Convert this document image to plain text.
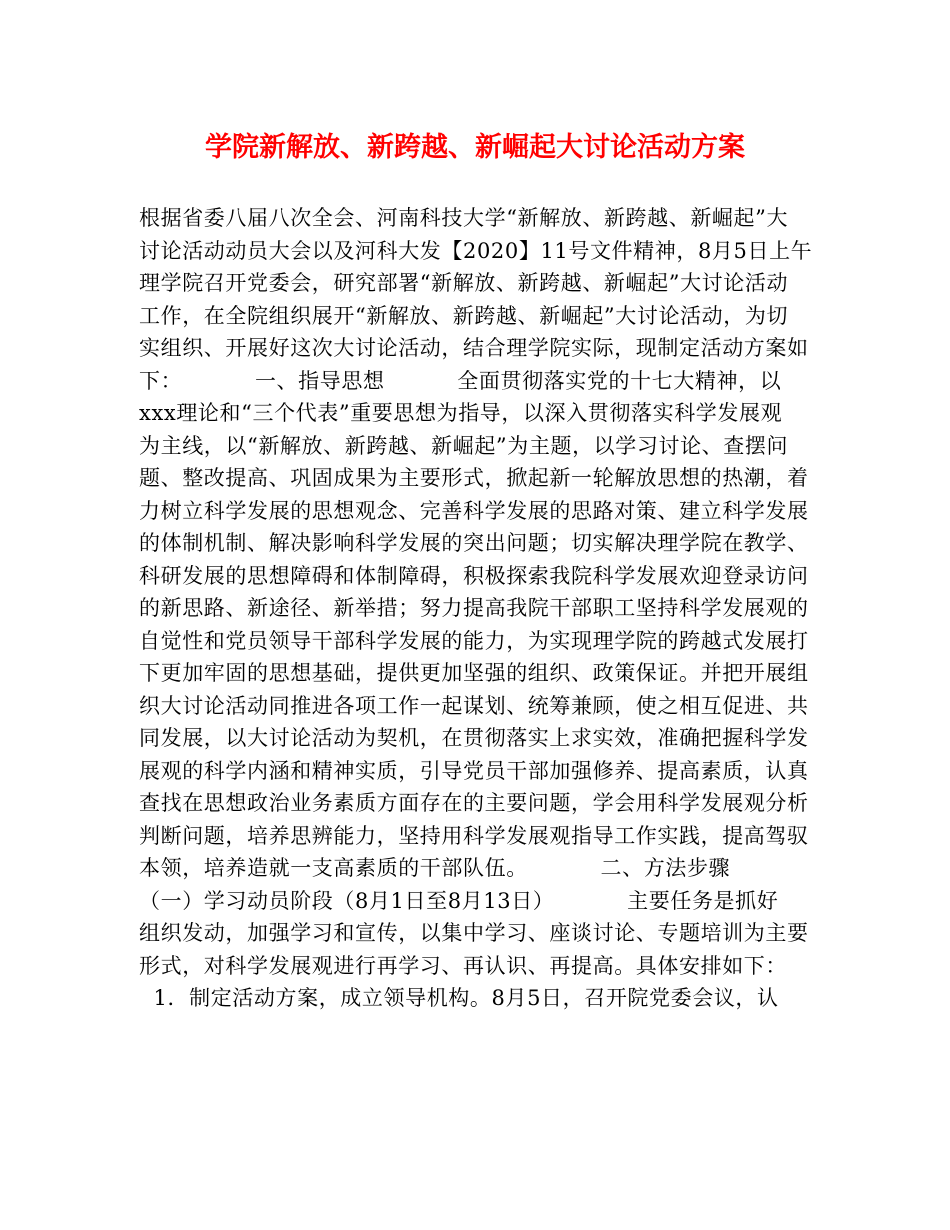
学院新解放、新跨越、新崛起大讨论活动方案

根据省委八届八次全会、河南科技大学“新解放、新跨越、新崛起”大

讨论活动动员大会以及河科大发【2020】11号文件精神，8月5日上午

理学院召开党委会，研究部署“新解放、新跨越、新崛起”大讨论活动

工作，在全院组织展开“新解放、新跨越、新崛起”大讨论活动，为切

实组织、开展好这次大讨论活动，结合理学院实际，现制定活动方案如

下：          一、指导思想          全面贯彻落实党的十七大精神，以

xxx理论和“三个代表”重要思想为指导，以深入贯彻落实科学发展观

为主线，以“新解放、新跨越、新崛起”为主题，以学习讨论、查摆问

题、整改提高、巩固成果为主要形式，掀起新一轮解放思想的热潮，着

力树立科学发展的思想观念、完善科学发展的思路对策、建立科学发展

的体制机制、解决影响科学发展的突出问题；切实解决理学院在教学、

科研发展的思想障碍和体制障碍，积极探索我院科学发展欢迎登录访问

的新思路、新途径、新举措；努力提高我院干部职工坚持科学发展观的

自觉性和党员领导干部科学发展的能力，为实现理学院的跨越式发展打

下更加牢固的思想基础，提供更加坚强的组织、政策保证。并把开展组

织大讨论活动同推进各项工作一起谋划、统筹兼顾，使之相互促进、共

同发展，以大讨论活动为契机，在贯彻落实上求实效，准确把握科学发

展观的科学内涵和精神实质，引导党员干部加强修养、提高素质，认真

查找在思想政治业务素质方面存在的主要问题，学会用科学发展观分析

判断问题，培养思辨能力，坚持用科学发展观指导工作实践，提高驾驭

本领，培养造就一支高素质的干部队伍。          二、方法步骤

（一）学习动员阶段（8月1日至8月13日）          主要任务是抓好

组织发动，加强学习和宣传，以集中学习、座谈讨论、专题培训为主要

形式，对科学发展观进行再学习、再认识、再提高。具体安排如下：

1．制定活动方案，成立领导机构。8月5日，召开院党委会议，认
